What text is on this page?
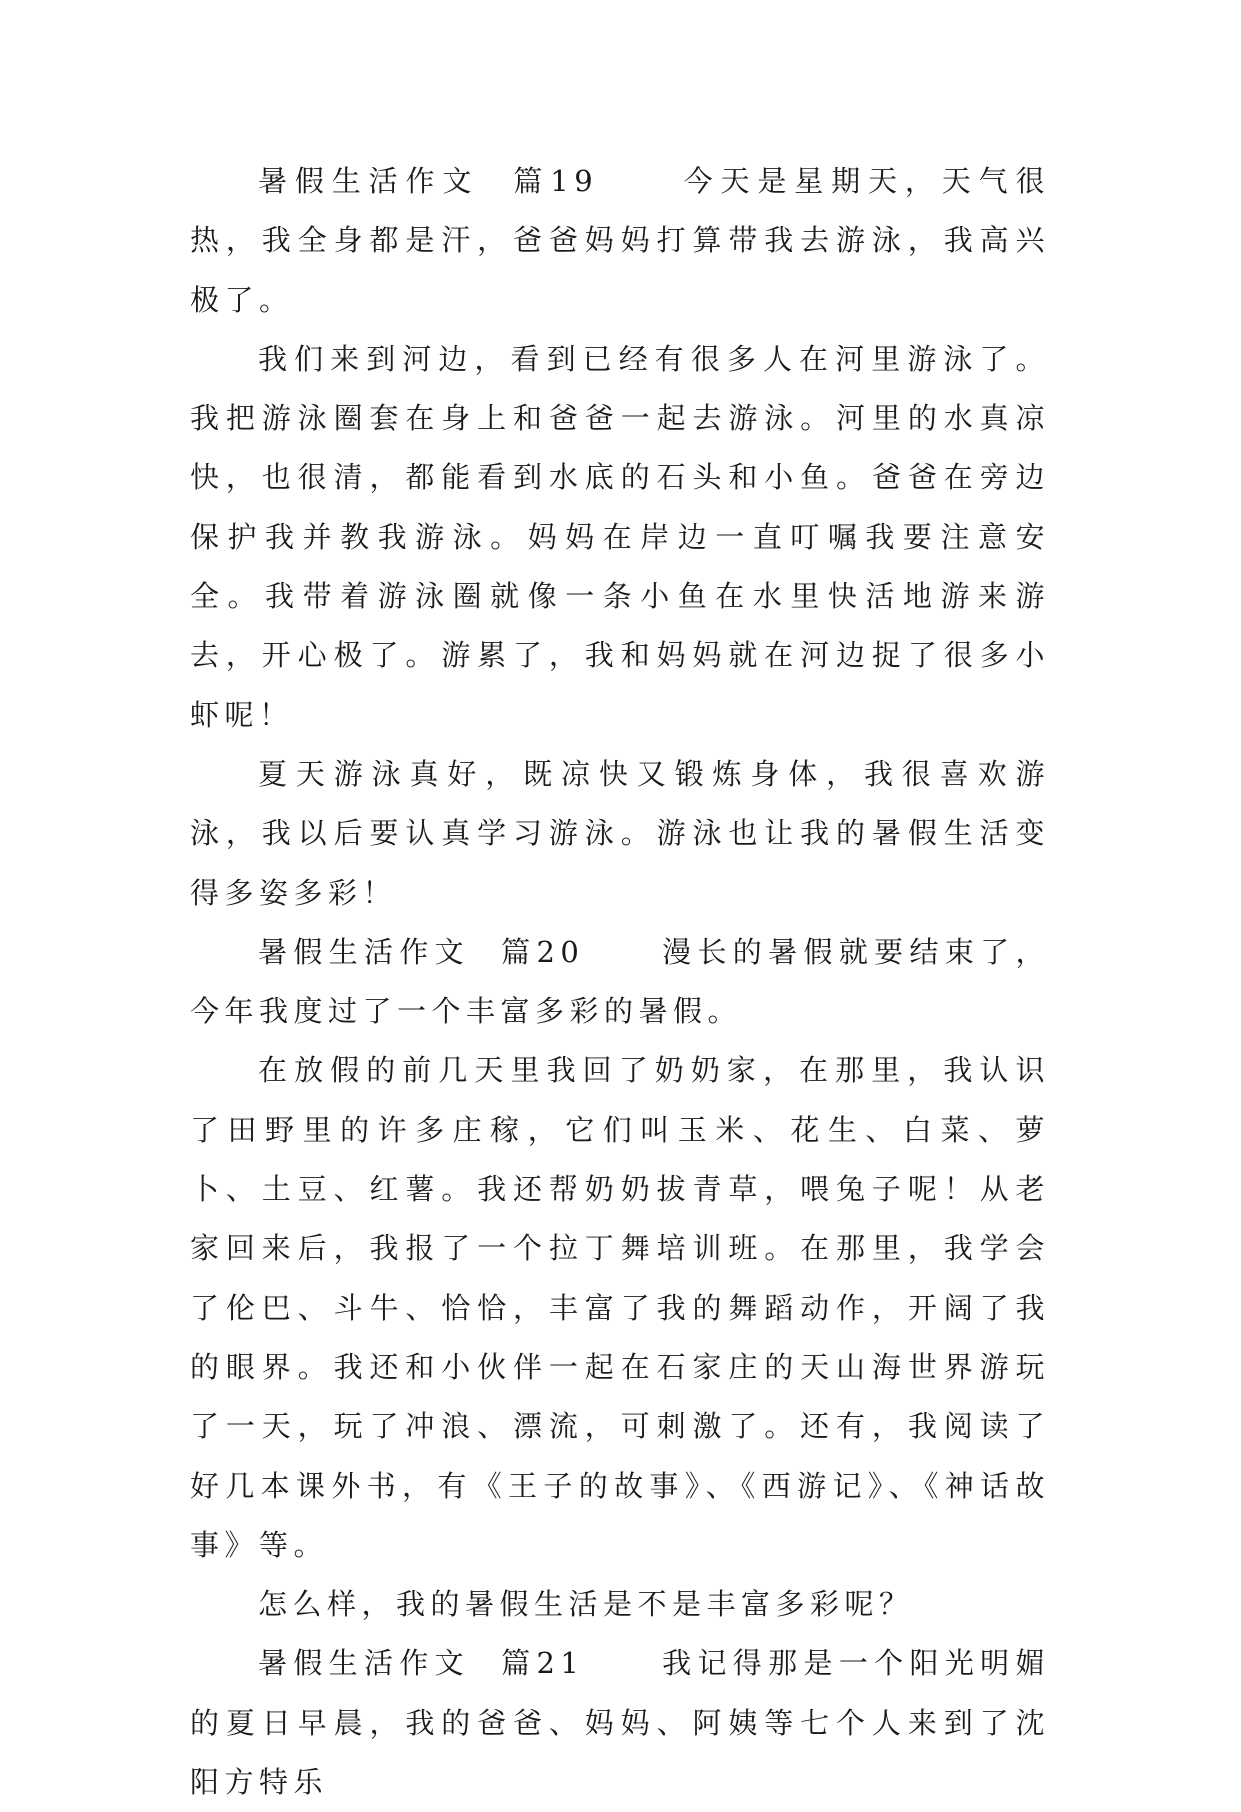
暑假生活作文  篇19     今天是星期天，天气很热，我全身都是汗，爸爸妈妈打算带我去游泳，我高兴极了。

我们来到河边，看到已经有很多人在河里游泳了。我把游泳圈套在身上和爸爸一起去游泳。河里的水真凉快，也很清，都能看到水底的石头和小鱼。爸爸在旁边保护我并教我游泳。妈妈在岸边一直叮嘱我要注意安全。我带着游泳圈就像一条小鱼在水里快活地游来游去，开心极了。游累了，我和妈妈就在河边捉了很多小虾呢！

夏天游泳真好，既凉快又锻炼身体，我很喜欢游泳，我以后要认真学习游泳。游泳也让我的暑假生活变得多姿多彩！

暑假生活作文  篇20     漫长的暑假就要结束了，今年我度过了一个丰富多彩的暑假。

在放假的前几天里我回了奶奶家，在那里，我认识了田野里的许多庄稼，它们叫玉米、花生、白菜、萝卜、土豆、红薯。我还帮奶奶拔青草，喂兔子呢！从老家回来后，我报了一个拉丁舞培训班。在那里，我学会了伦巴、斗牛、恰恰，丰富了我的舞蹈动作，开阔了我的眼界。我还和小伙伴一起在石家庄的天山海世界游玩了一天，玩了冲浪、漂流，可刺激了。还有，我阅读了好几本课外书，有《王子的故事》、《西游记》、《神话故事》等。

怎么样，我的暑假生活是不是丰富多彩呢？

暑假生活作文  篇21     我记得那是一个阳光明媚的夏日早晨，我的爸爸、妈妈、阿姨等七个人来到了沈阳方特乐
